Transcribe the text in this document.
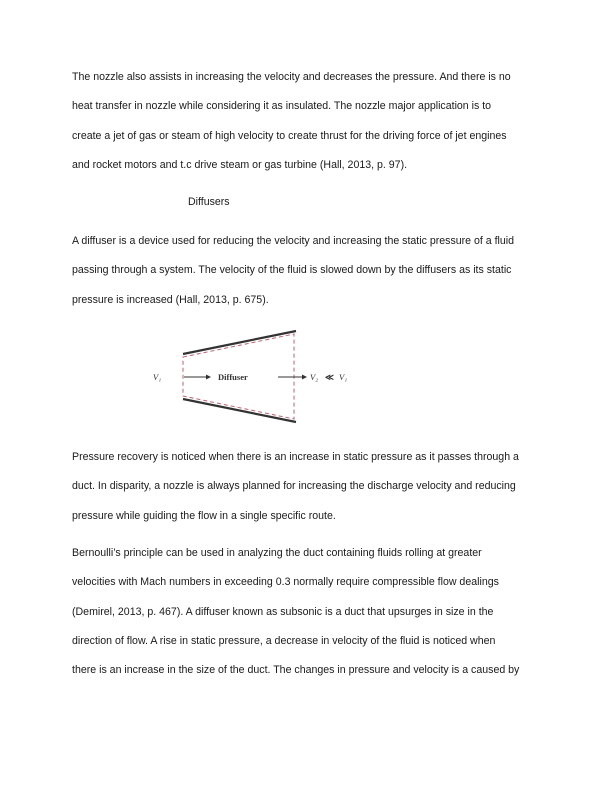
The nozzle also assists in increasing the velocity and decreases the pressure. And there is no
heat transfer in nozzle while considering it as insulated. The nozzle major application is to
create a jet of gas or steam of high velocity to create thrust for the driving force of jet engines
and rocket motors and t.c drive steam or gas turbine (Hall, 2013, p. 97).

Diffusers

A diffuser is a device used for reducing the velocity and increasing the static pressure of a fluid
passing through a system. The velocity of the fluid is slowed down by the diffusers as its static
pressure is increased (Hall, 2013, p. 675).

V₁	Diffuser	V₂ ≪ V₁

Pressure recovery is noticed when there is an increase in static pressure as it passes through a
duct. In disparity, a nozzle is always planned for increasing the discharge velocity and reducing
pressure while guiding the flow in a single specific route.

Bernoulli’s principle can be used in analyzing the duct containing fluids rolling at greater
velocities with Mach numbers in exceeding 0.3 normally require compressible flow dealings
(Demirel, 2013, p. 467). A diffuser known as subsonic is a duct that upsurges in size in the
direction of flow. A rise in static pressure, a decrease in velocity of the fluid is noticed when
there is an increase in the size of the duct. The changes in pressure and velocity is a caused by
